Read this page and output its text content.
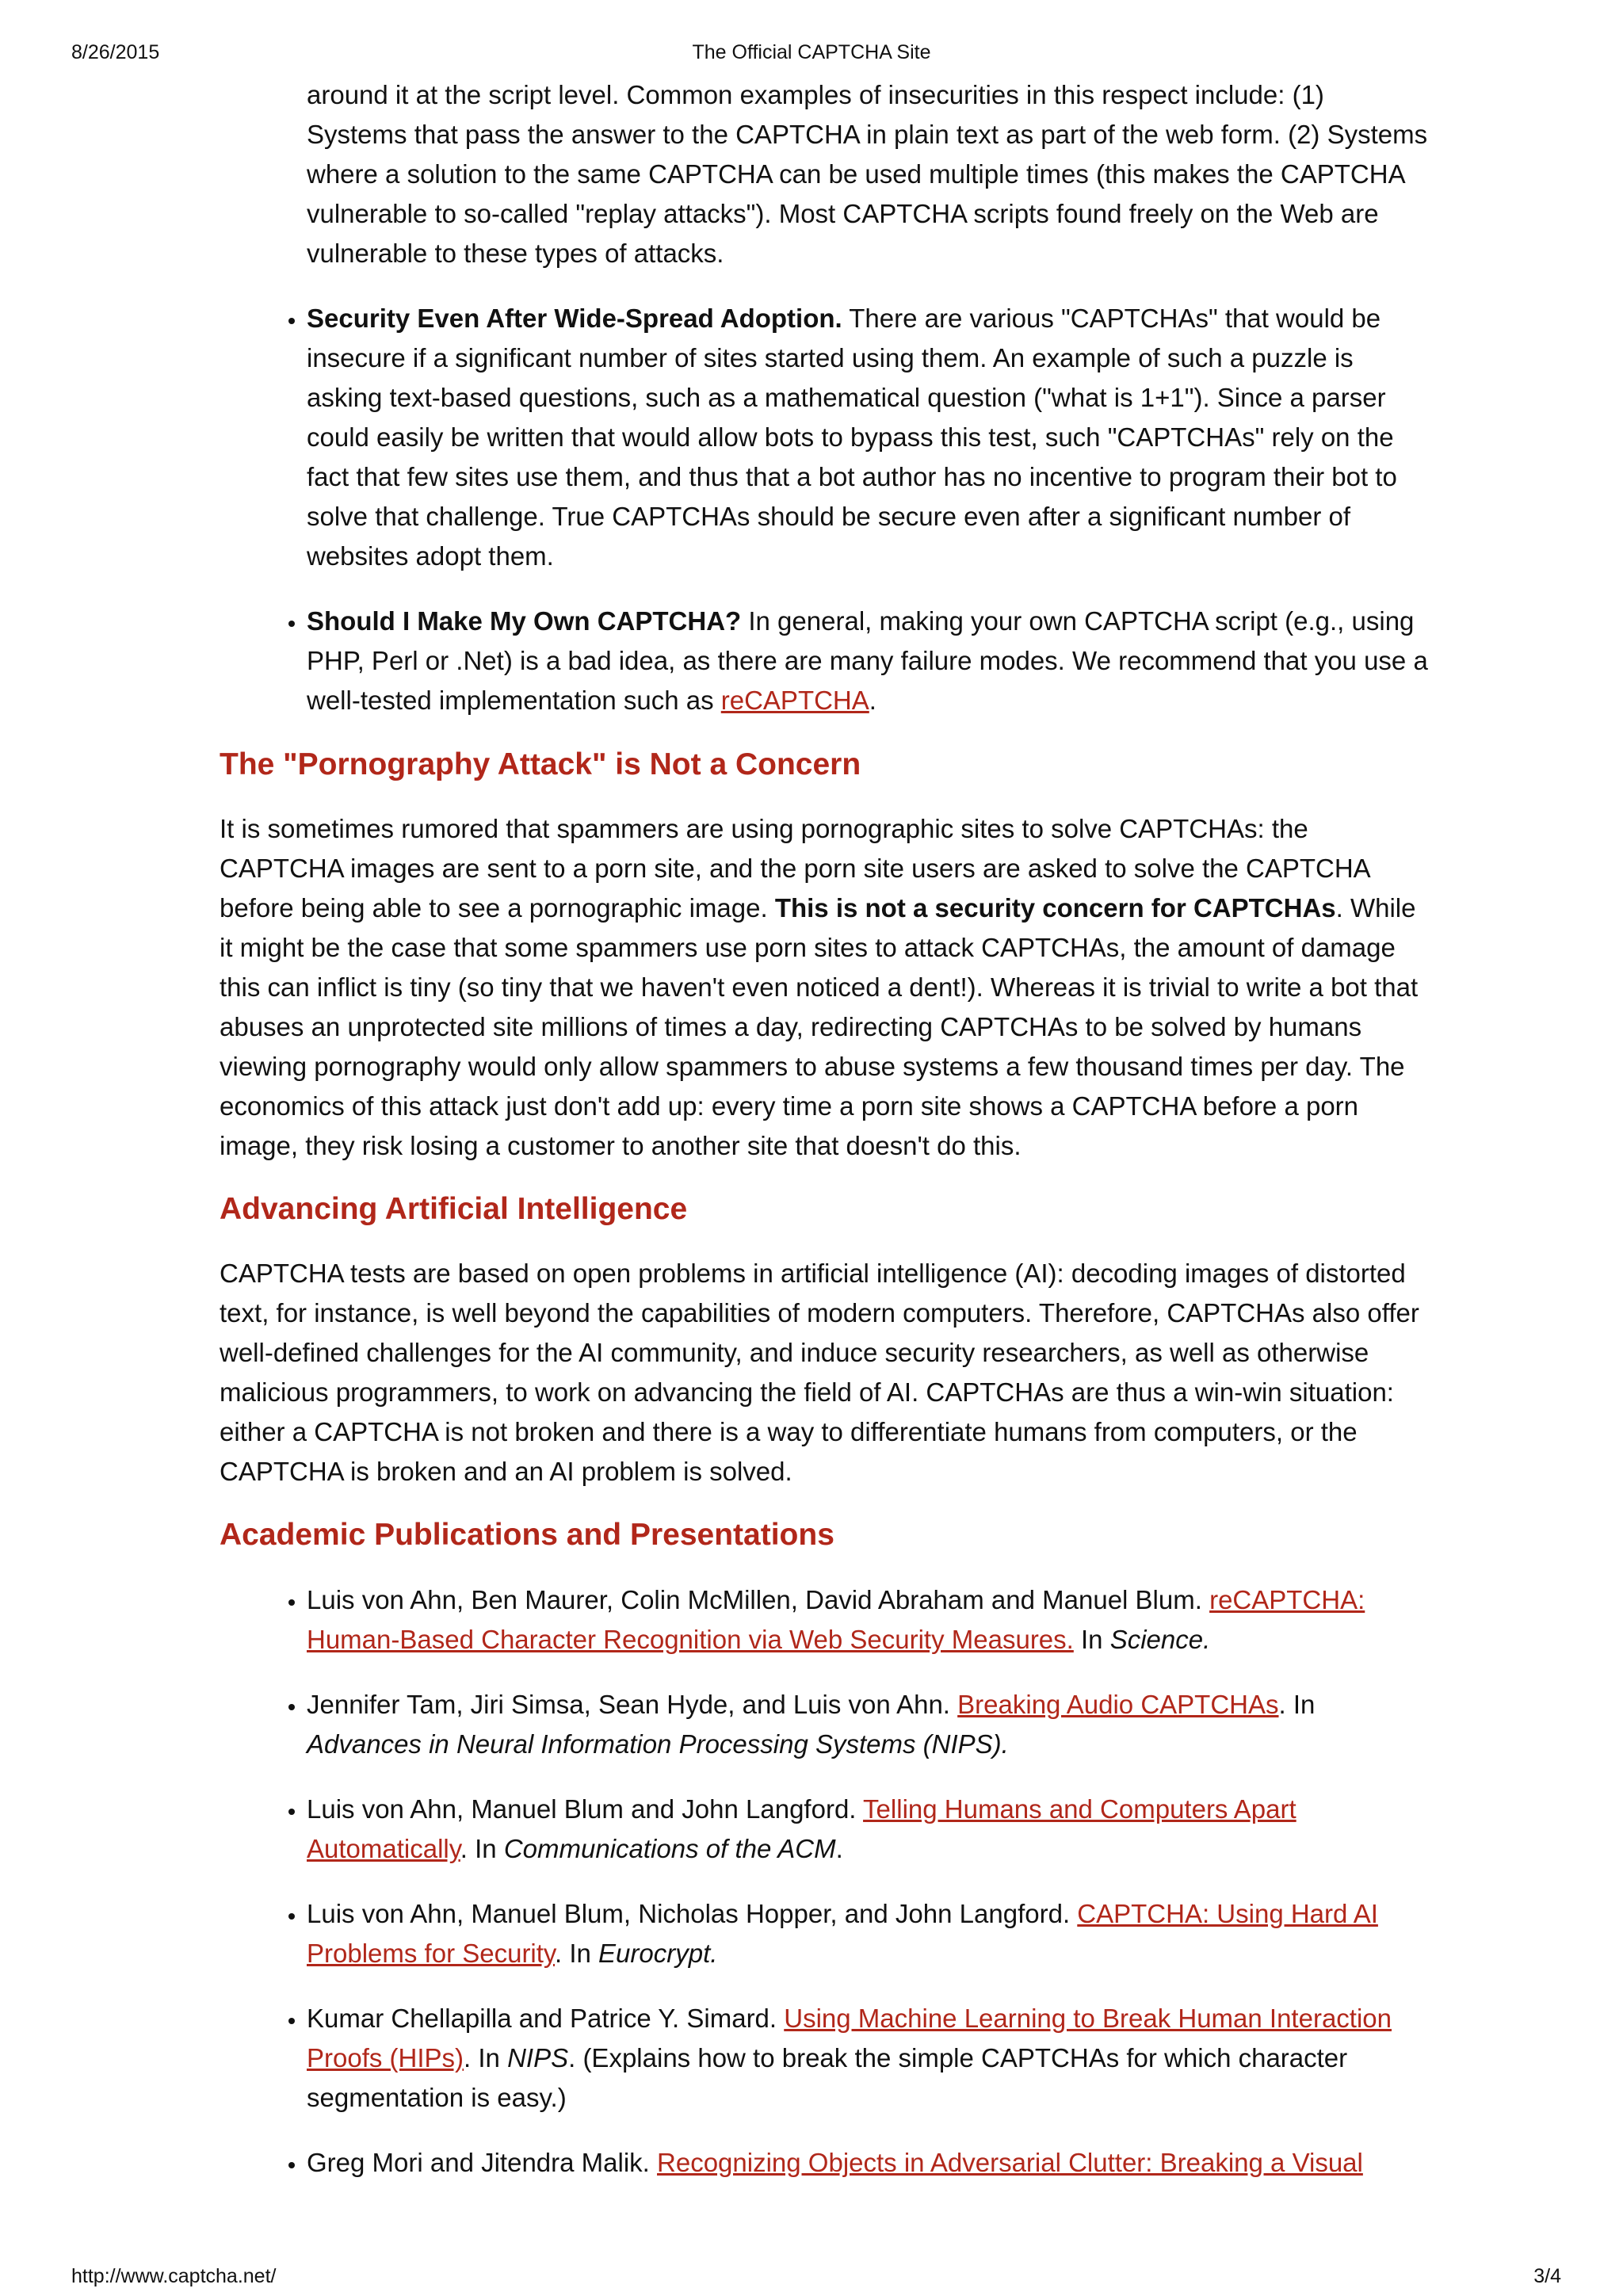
8/26/2015	The Official CAPTCHA Site

around it at the script level. Common examples of insecurities in this respect include: (1) Systems that pass the answer to the CAPTCHA in plain text as part of the web form. (2) Systems where a solution to the same CAPTCHA can be used multiple times (this makes the CAPTCHA vulnerable to so-called "replay attacks"). Most CAPTCHA scripts found freely on the Web are vulnerable to these types of attacks.

• Security Even After Wide-Spread Adoption. There are various "CAPTCHAs" that would be insecure if a significant number of sites started using them. An example of such a puzzle is asking text-based questions, such as a mathematical question ("what is 1+1"). Since a parser could easily be written that would allow bots to bypass this test, such "CAPTCHAs" rely on the fact that few sites use them, and thus that a bot author has no incentive to program their bot to solve that challenge. True CAPTCHAs should be secure even after a significant number of websites adopt them.
• Should I Make My Own CAPTCHA? In general, making your own CAPTCHA script (e.g., using PHP, Perl or .Net) is a bad idea, as there are many failure modes. We recommend that you use a well-tested implementation such as reCAPTCHA.
The "Pornography Attack" is Not a Concern

It is sometimes rumored that spammers are using pornographic sites to solve CAPTCHAs: the CAPTCHA images are sent to a porn site, and the porn site users are asked to solve the CAPTCHA before being able to see a pornographic image. This is not a security concern for CAPTCHAs. While it might be the case that some spammers use porn sites to attack CAPTCHAs, the amount of damage this can inflict is tiny (so tiny that we haven't even noticed a dent!). Whereas it is trivial to write a bot that abuses an unprotected site millions of times a day, redirecting CAPTCHAs to be solved by humans viewing pornography would only allow spammers to abuse systems a few thousand times per day. The economics of this attack just don't add up: every time a porn site shows a CAPTCHA before a porn image, they risk losing a customer to another site that doesn't do this.

Advancing Artificial Intelligence

CAPTCHA tests are based on open problems in artificial intelligence (AI): decoding images of distorted text, for instance, is well beyond the capabilities of modern computers. Therefore, CAPTCHAs also offer well-defined challenges for the AI community, and induce security researchers, as well as otherwise malicious programmers, to work on advancing the field of AI. CAPTCHAs are thus a win-win situation: either a CAPTCHA is not broken and there is a way to differentiate humans from computers, or the CAPTCHA is broken and an AI problem is solved.

Academic Publications and Presentations
• Luis von Ahn, Ben Maurer, Colin McMillen, David Abraham and Manuel Blum. reCAPTCHA: Human-Based Character Recognition via Web Security Measures. In Science.
• Jennifer Tam, Jiri Simsa, Sean Hyde, and Luis von Ahn. Breaking Audio CAPTCHAs. In Advances in Neural Information Processing Systems (NIPS).
• Luis von Ahn, Manuel Blum and John Langford. Telling Humans and Computers Apart Automatically. In Communications of the ACM.
• Luis von Ahn, Manuel Blum, Nicholas Hopper, and John Langford. CAPTCHA: Using Hard AI Problems for Security. In Eurocrypt.
• Kumar Chellapilla and Patrice Y. Simard. Using Machine Learning to Break Human Interaction Proofs (HIPs). In NIPS. (Explains how to break the simple CAPTCHAs for which character segmentation is easy.)
• Greg Mori and Jitendra Malik. Recognizing Objects in Adversarial Clutter: Breaking a Visual
http://www.captcha.net/	3/4
